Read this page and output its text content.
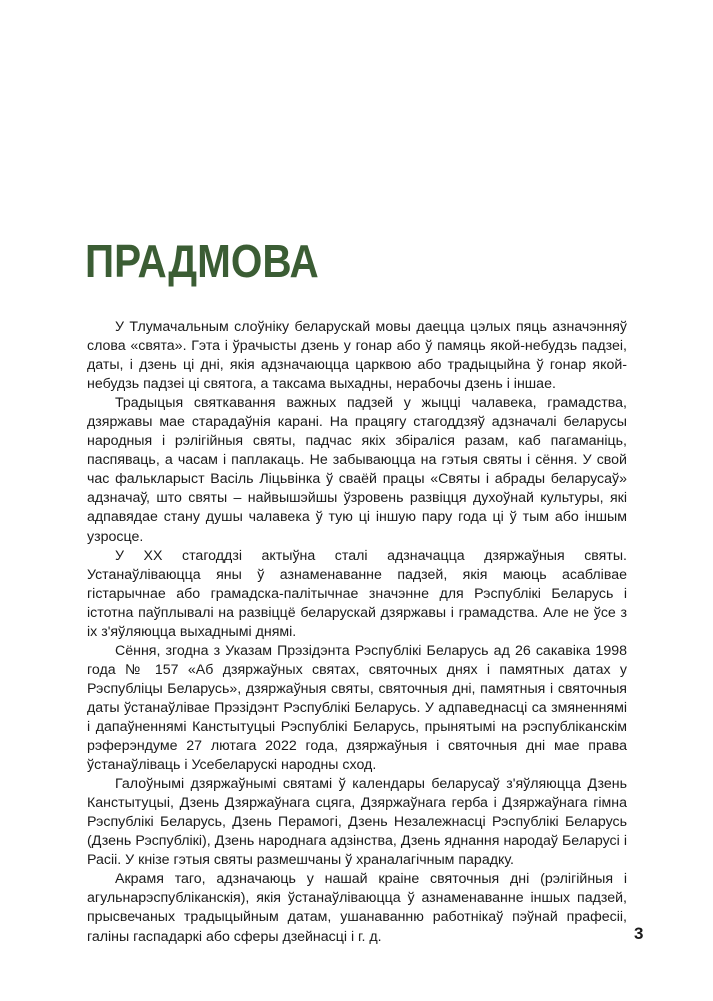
ПРАДМОВА

У Тлумачальным слоўніку беларускай мовы даецца цэлых пяць азначэнняў слова «свята». Гэта і ўрачысты дзень у гонар або ў памяць якой-небудзь падзеі, даты, і дзень ці дні, якія адзначаюцца царквою або традыцыйна ў гонар якой-небудзь падзеі ці святога, а таксама выхадны, нерабочы дзень і іншае.

Традыцыя святкавання важных падзей у жыцці чалавека, грамадства, дзяржавы мае старадаўнія карані. На працягу стагоддзяў адзначалі беларусы народныя і рэлігійныя святы, падчас якіх збіраліся разам, каб пагаманіць, паспяваць, а часам і паплакаць. Не забываюцца на гэтыя святы і сёння. У свой час фалькларыст Васіль Ліцьвінка ў сваёй працы «Святы і абрады беларусаў» адзначаў, што святы – найвышэйшы ўзровень развіцця духоўнай культуры, які адпавядае стану душы чалавека ў тую ці іншую пару года ці ў тым або іншым узросце.

У ХХ стагоддзі актыўна сталі адзначацца дзяржаўныя святы. Устанаўліваюцца яны ў азнаменаванне падзей, якія маюць асаблівае гістарычнае або грамадска-палітычнае значэнне для Рэспублікі Беларусь і істотна паўплывалі на развіццё беларускай дзяржавы і грамадства. Але не ўсе з іх з'яўляюцца выхаднымі днямі.

Сёння, згодна з Указам Прэзідэнта Рэспублікі Беларусь ад 26 сакавіка 1998 года № 157 «Аб дзяржаўных святах, святочных днях і памятных датах у Рэспубліцы Беларусь», дзяржаўныя святы, святочныя дні, памятныя і святочныя даты ўстанаўлівае Прэзідэнт Рэспублікі Беларусь. У адпаведнасці са змяненнямі і дапаўненнямі Канстытуцыі Рэспублікі Беларусь, прынятымі на рэспубліканскім рэферэндуме 27 лютага 2022 года, дзяржаўныя і святочныя дні мае права ўстанаўліваць і Усебеларускі народны сход.

Галоўнымі дзяржаўнымі святамі ў календары беларусаў з'яўляюцца Дзень Канстытуцыі, Дзень Дзяржаўнага сцяга, Дзяржаўнага герба і Дзяржаўнага гімна Рэспублікі Беларусь, Дзень Перамогі, Дзень Незалежнасці Рэспублікі Беларусь (Дзень Рэспублікі), Дзень народнага адзінства, Дзень яднання народаў Беларусі і Расіі. У кнізе гэтыя святы размешчаны ў храналагічным парадку.

Акрамя таго, адзначаюць у нашай краіне святочныя дні (рэлігійныя і агульнарэспубліканскія), якія ўстанаўліваюцца ў азнаменаванне іншых падзей, прысвечаных традыцыйным датам, ушанаванню работнікаў пэўнай прафесіі, галіны гаспадаркі або сферы дзейнасці і г. д.	3
